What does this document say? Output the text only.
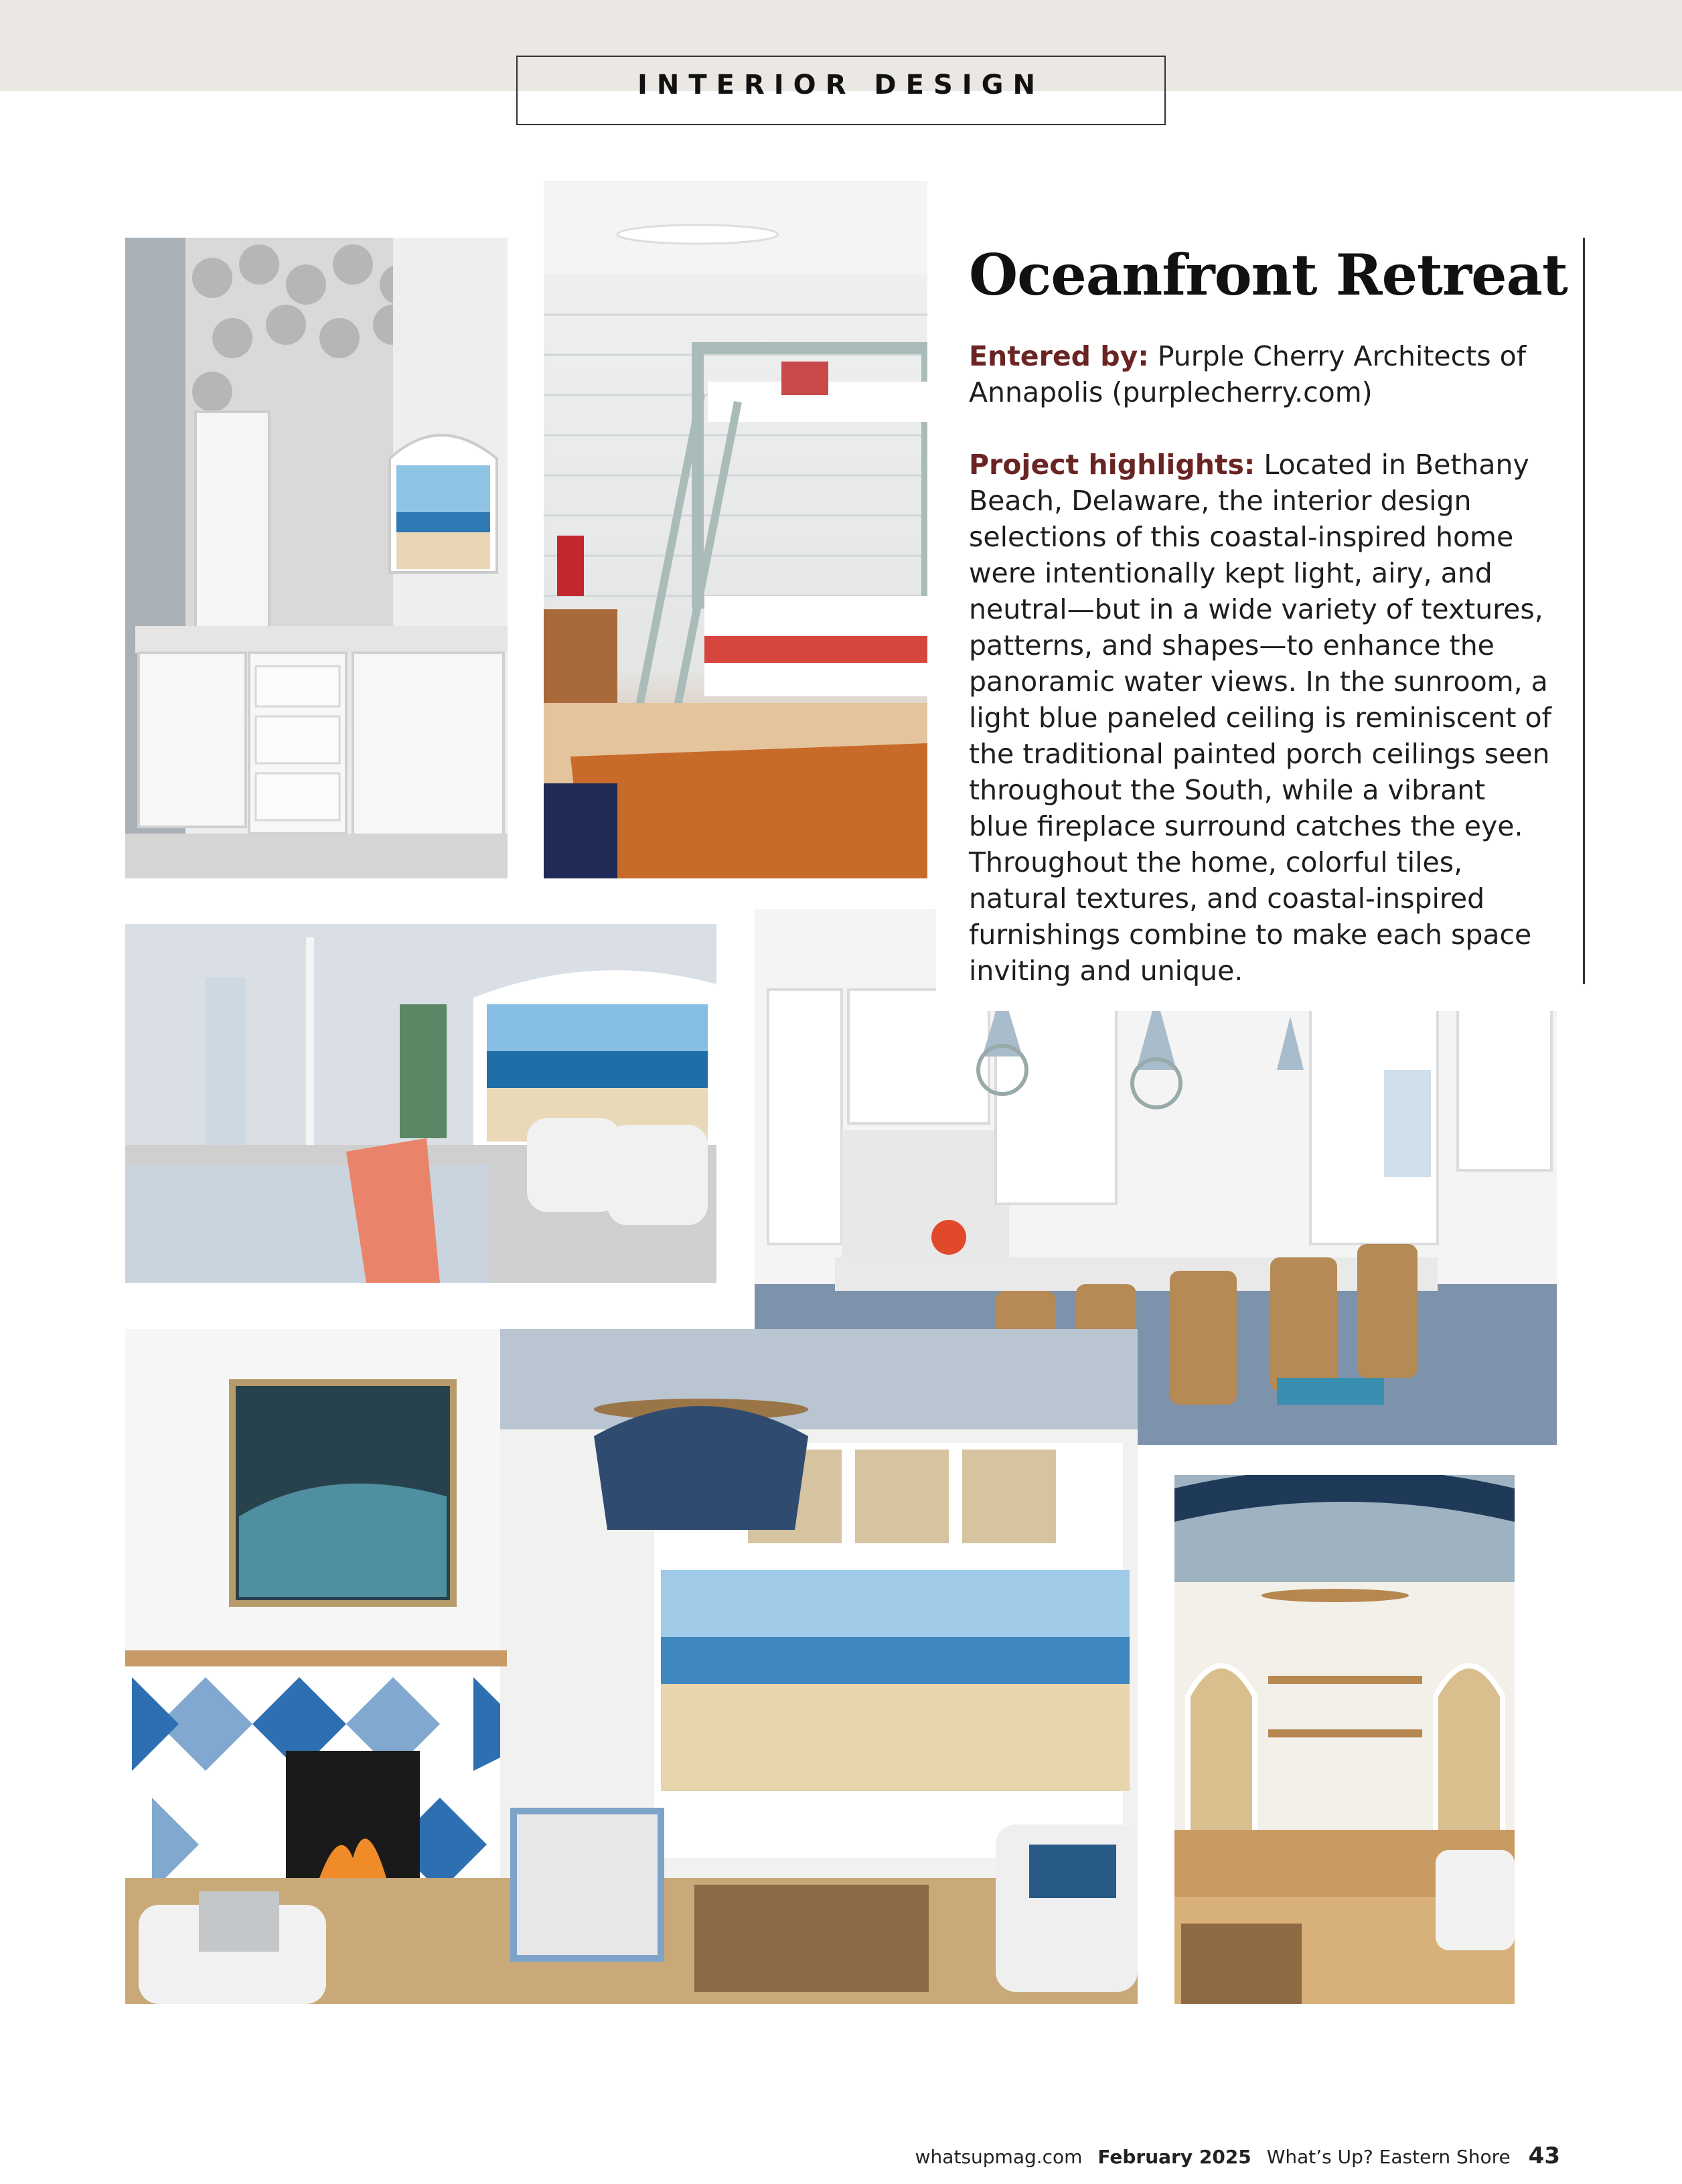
INTERIOR DESIGN
Oceanfront Retreat

Entered by: Purple Cherry Architects of Annapolis (purplecherry.com)

Project highlights: Located in Bethany Beach, Delaware, the interior design selections of this coastal-inspired home were intentionally kept light, airy, and neutral—but in a wide variety of textures, patterns, and shapes—to enhance the panoramic water views. In the sunroom, a light blue paneled ceiling is reminiscent of the traditional painted porch ceilings seen throughout the South, while a vibrant blue fireplace surround catches the eye. Throughout the home, colorful tiles, natural textures, and coastal-inspired furnishings combine to make each space inviting and unique.

whatsupmag.com February 2025 What’s Up? Eastern Shore 43
